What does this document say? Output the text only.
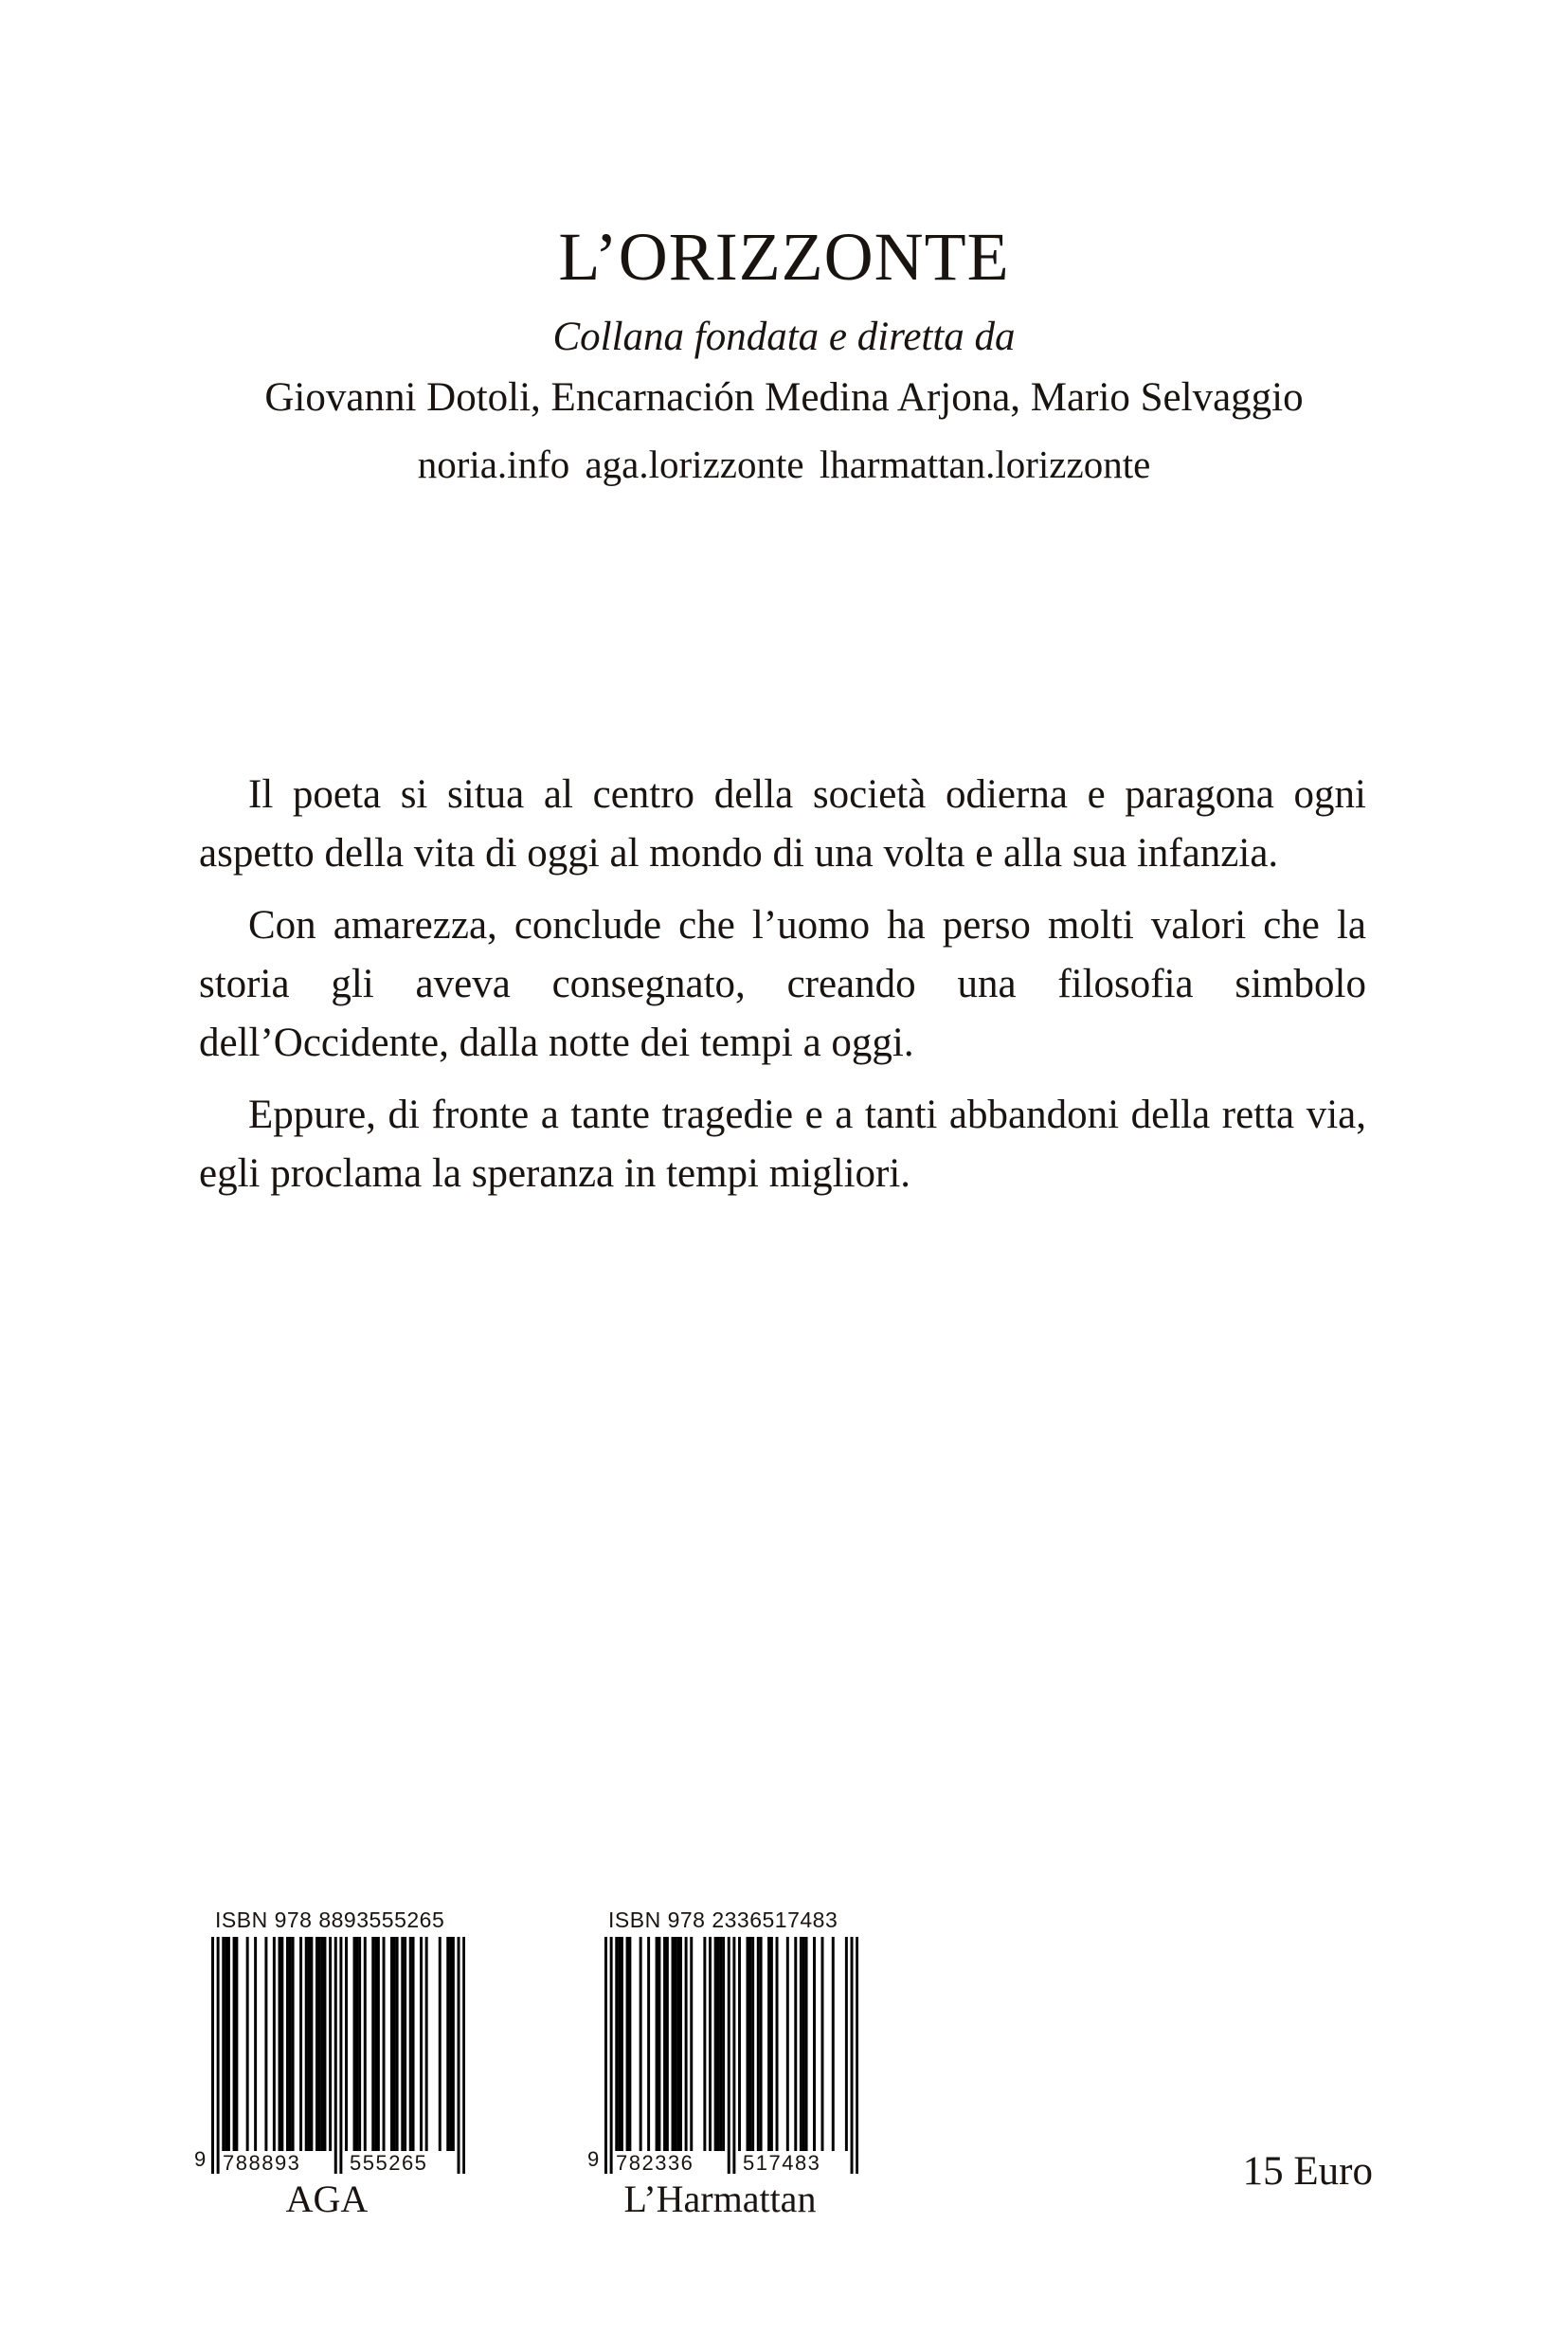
L’ORIZZONTE
Collana fondata e diretta da
Giovanni Dotoli, Encarnación Medina Arjona, Mario Selvaggio
noria.info aga.lorizzonte lharmattan.lorizzonte

Il poeta si situa al centro della società odierna e paragona ogni aspetto della vita di oggi al mondo di una volta e alla sua infanzia.

Con amarezza, conclude che l’uomo ha perso molti valori che la storia gli aveva consegnato, creando una filosofia simbolo dell’Occidente, dalla notte dei tempi a oggi.

Eppure, di fronte a tante tragedie e a tanti abbandoni della retta via, egli proclama la speranza in tempi migliori.

ISBN 978 8893555265
9 788893 555265
AGA
ISBN 978 2336517483
9 782336 517483
L’Harmattan
15 Euro
